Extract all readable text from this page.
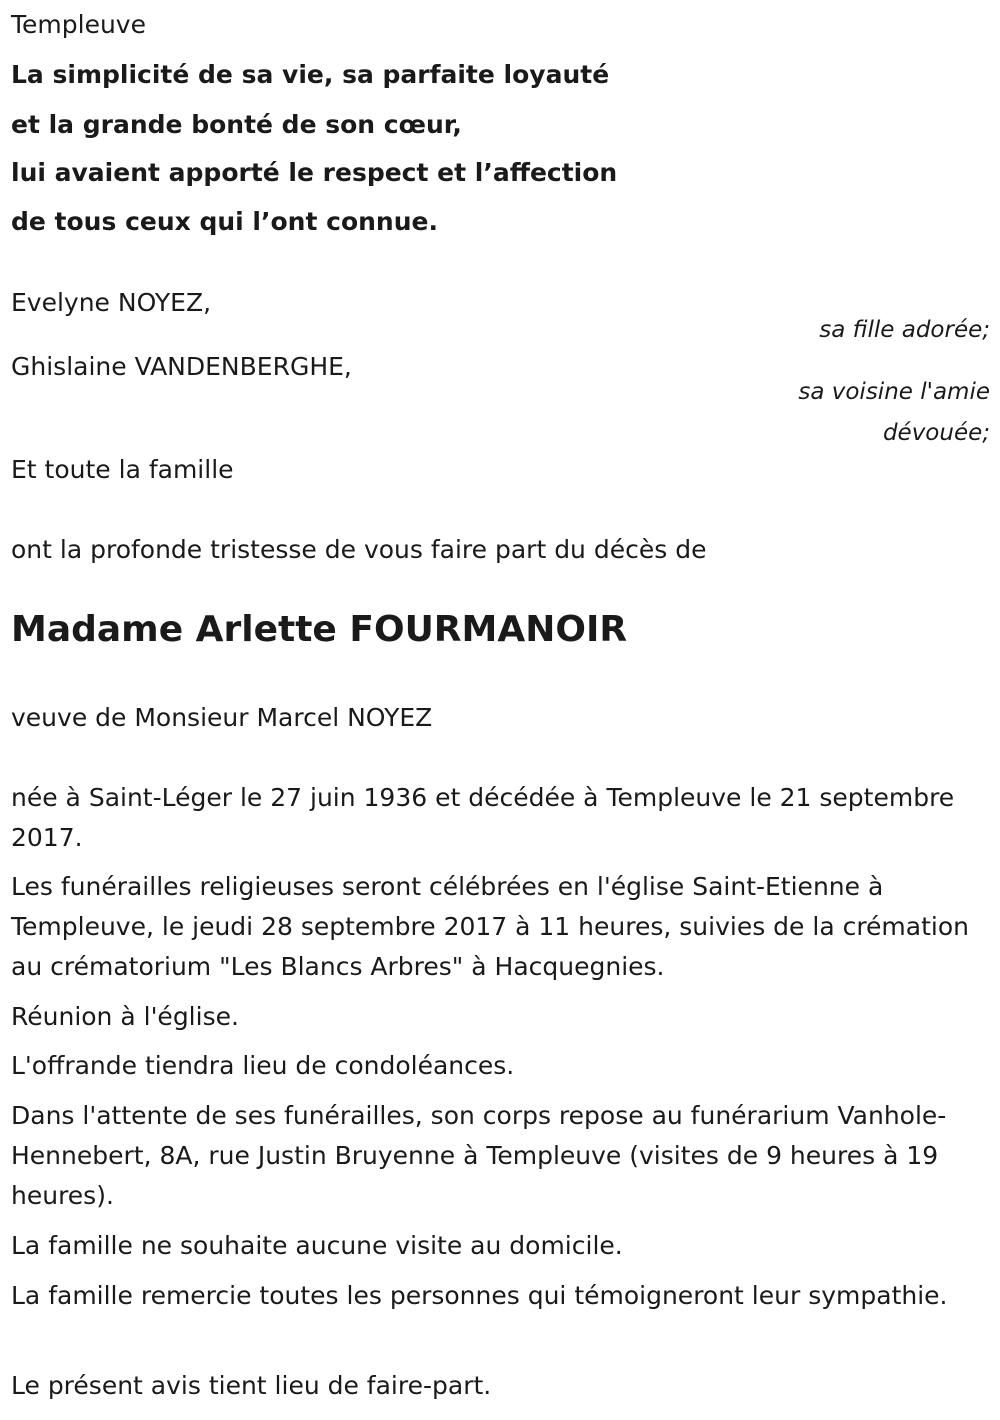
Templeuve
La simplicité de sa vie, sa parfaite loyauté
et la grande bonté de son cœur,
lui avaient apporté le respect et l’affection
de tous ceux qui l’ont connue.
Evelyne NOYEZ,
sa fille adorée;
Ghislaine VANDENBERGHE,
sa voisine l'amie
dévouée;
Et toute la famille
ont la profonde tristesse de vous faire part du décès de
Madame Arlette FOURMANOIR
veuve de Monsieur Marcel NOYEZ
née à Saint-Léger le 27 juin 1936 et décédée à Templeuve le 21 septembre 2017.
Les funérailles religieuses seront célébrées en l'église Saint-Etienne à Templeuve, le jeudi 28 septembre 2017 à 11 heures, suivies de la crémation au crématorium "Les Blancs Arbres" à Hacquegnies.
Réunion à l'église.
L'offrande tiendra lieu de condoléances.
Dans l'attente de ses funérailles, son corps repose au funérarium Vanhole-Hennebert, 8A, rue Justin Bruyenne à Templeuve (visites de 9 heures à 19 heures).
La famille ne souhaite aucune visite au domicile.
La famille remercie toutes les personnes qui témoigneront leur sympathie.
Le présent avis tient lieu de faire-part.
